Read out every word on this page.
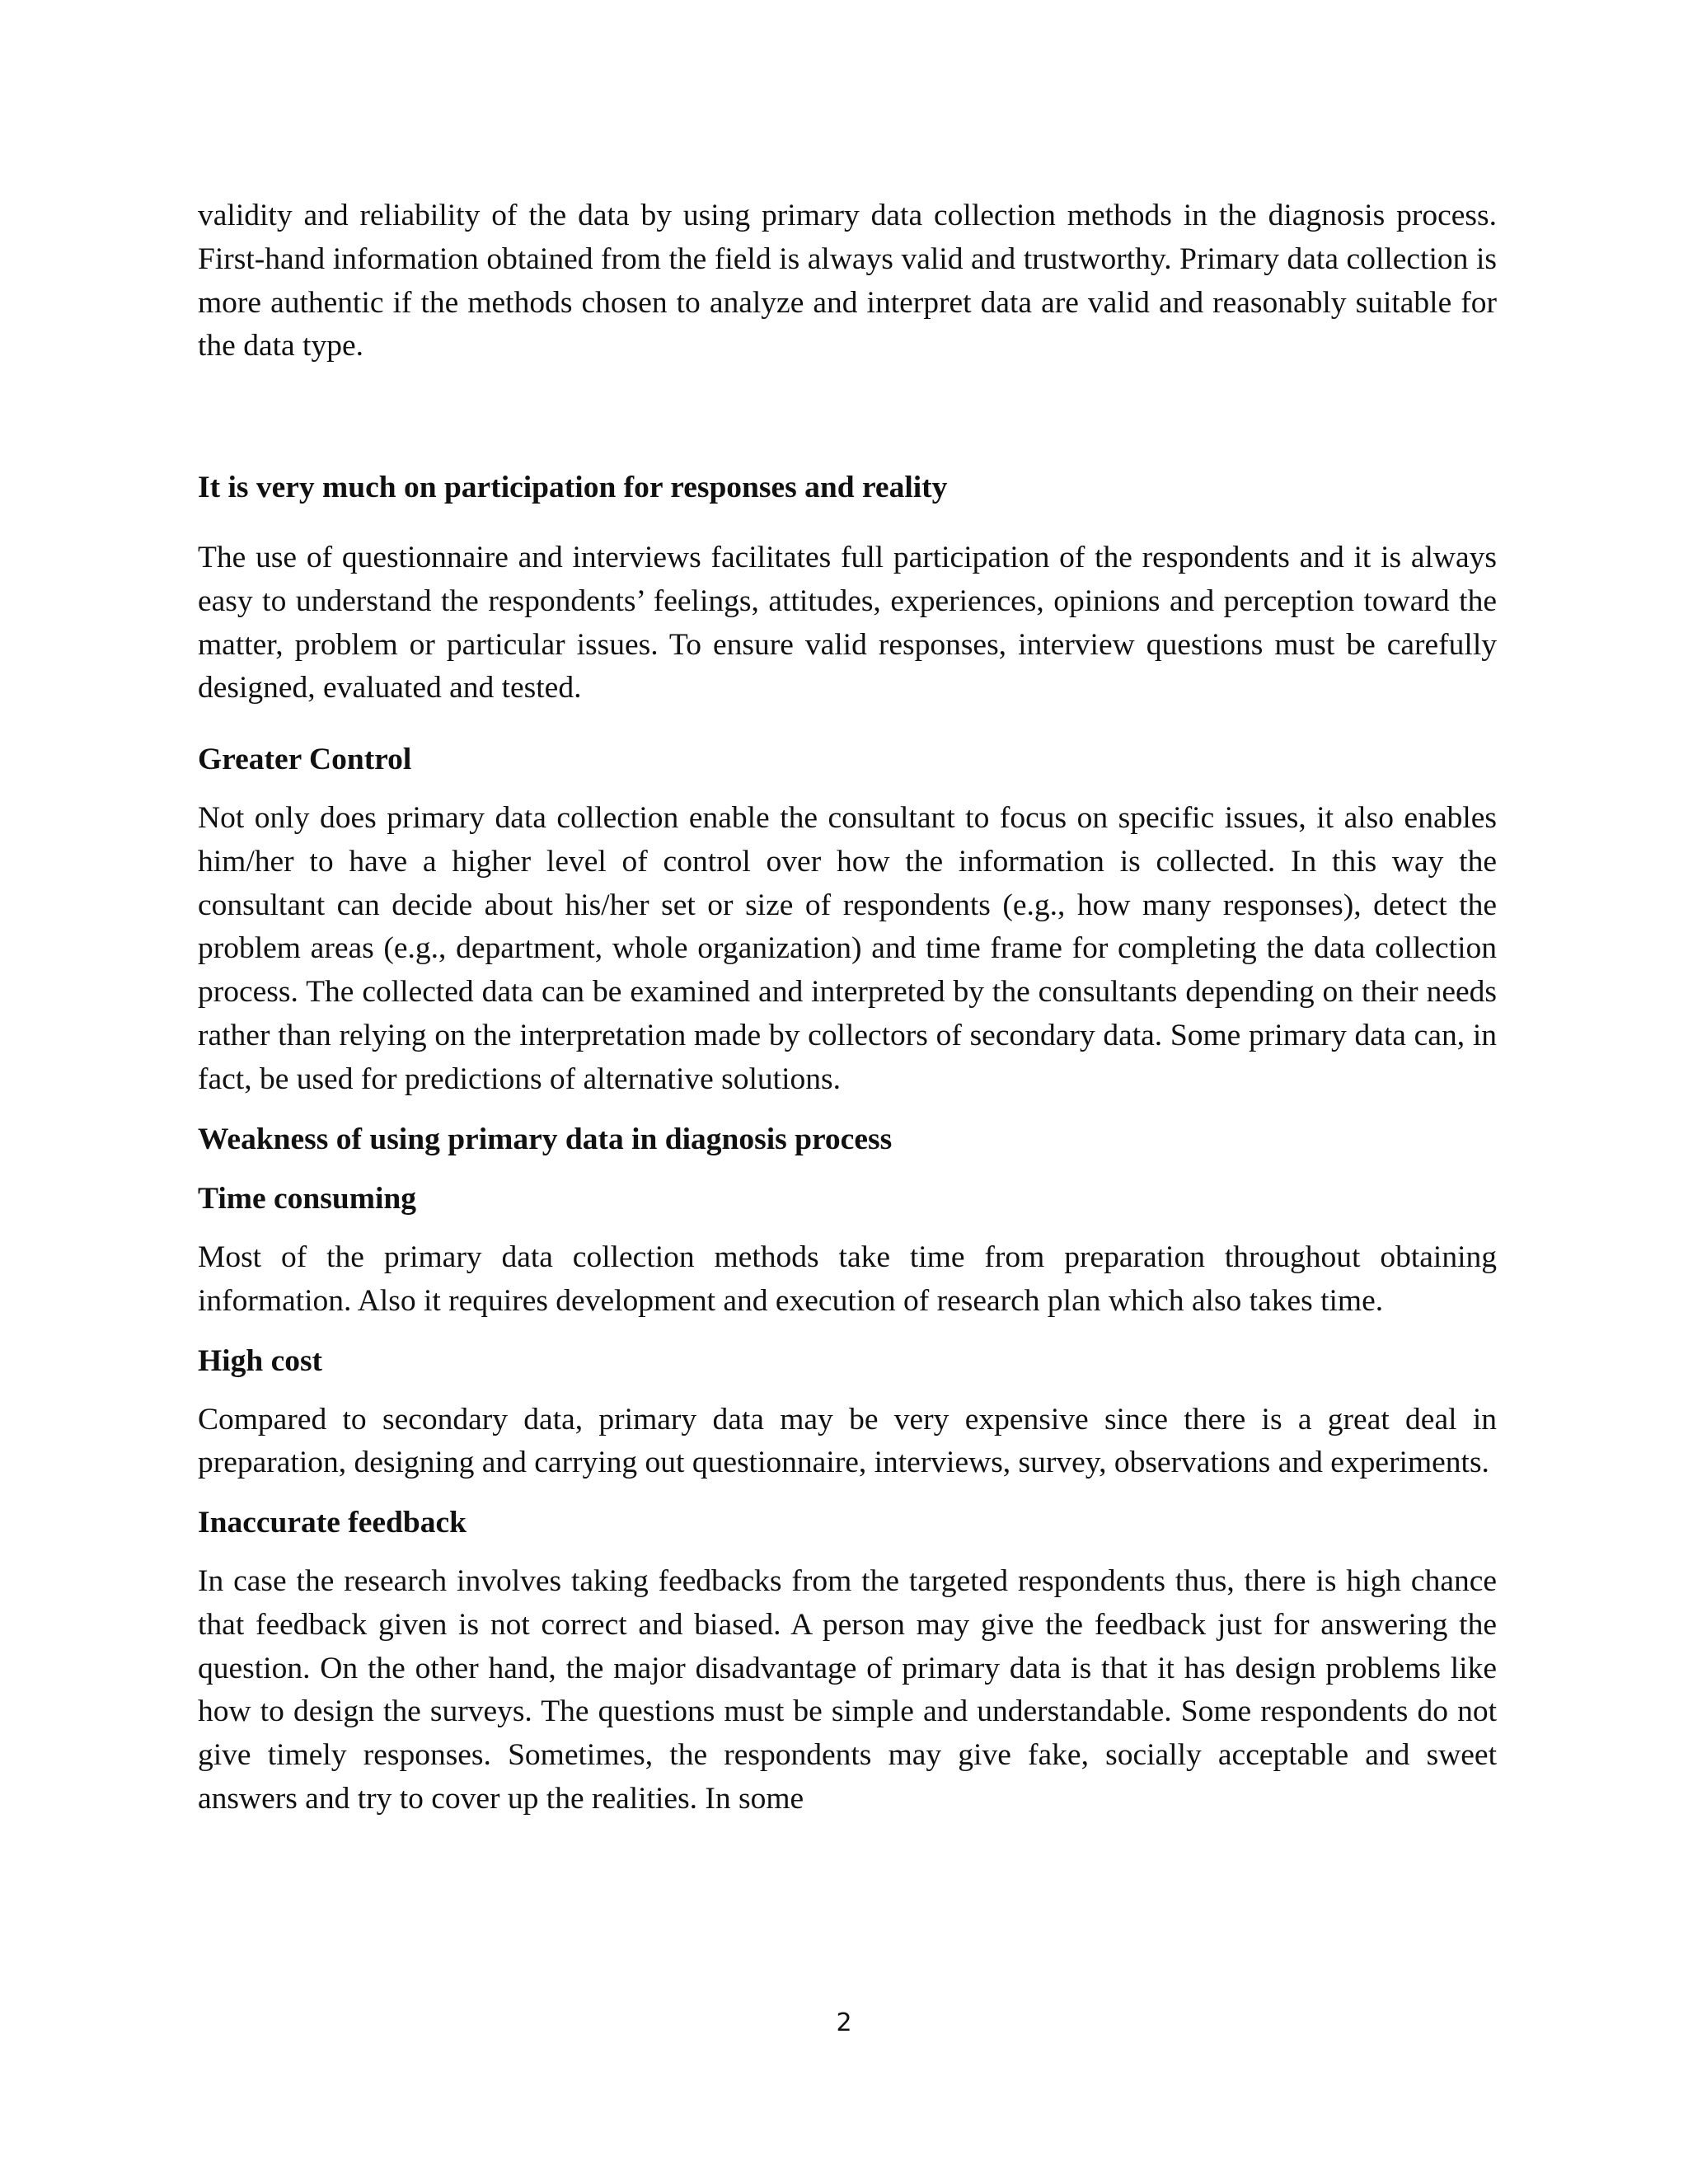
validity and reliability of the data by using primary data collection methods in the diagnosis process. First-hand information obtained from the field is always valid and trustworthy. Primary data collection is more authentic if the methods chosen to analyze and interpret data are valid and reasonably suitable for the data type.

It is very much on participation for responses and reality

The use of questionnaire and interviews facilitates full participation of the respondents and it is always easy to understand the respondents’ feelings, attitudes, experiences, opinions and perception toward the matter, problem or particular issues. To ensure valid responses, interview questions must be carefully designed, evaluated and tested.

Greater Control

Not only does primary data collection enable the consultant to focus on specific issues, it also enables him/her to have a higher level of control over how the information is collected. In this way the consultant can decide about his/her set or size of respondents (e.g., how many responses), detect the problem areas (e.g., department, whole organization) and time frame for completing the data collection process. The collected data can be examined and interpreted by the consultants depending on their needs rather than relying on the interpretation made by collectors of secondary data. Some primary data can, in fact, be used for predictions of alternative solutions.

Weakness of using primary data in diagnosis process
Time consuming

Most of the primary data collection methods take time from preparation throughout obtaining information. Also it requires development and execution of research plan which also takes time.

High cost

Compared to secondary data, primary data may be very expensive since there is a great deal in preparation, designing and carrying out questionnaire, interviews, survey, observations and experiments.

Inaccurate feedback

In case the research involves taking feedbacks from the targeted respondents thus, there is high chance that feedback given is not correct and biased. A person may give the feedback just for answering the question. On the other hand, the major disadvantage of primary data is that it has design problems like how to design the surveys. The questions must be simple and understandable. Some respondents do not give timely responses. Sometimes, the respondents may give fake, socially acceptable and sweet answers and try to cover up the realities. In some

2
